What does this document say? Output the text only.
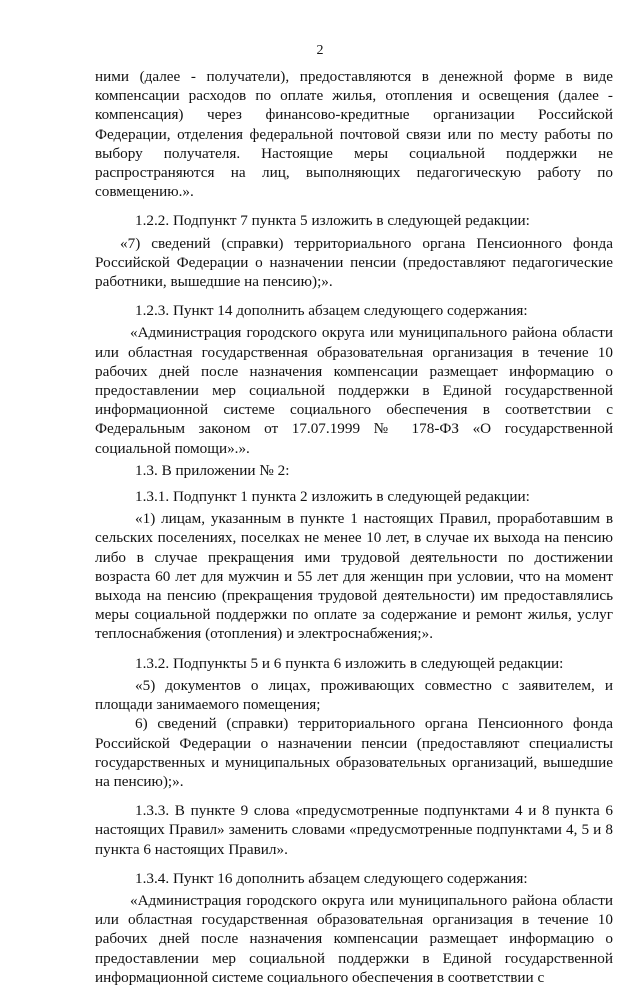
2

ними (далее - получатели), предоставляются в денежной форме в виде компенсации расходов по оплате жилья, отопления и освещения (далее - компенсация) через финансово-кредитные организации Российской Федерации, отделения федеральной почтовой связи или по месту работы по выбору получателя. Настоящие меры социальной поддержки не распространяются на лиц, выполняющих педагогическую работу по совмещению.».

1.2.2. Подпункт 7 пункта 5 изложить в следующей редакции:

«7) сведений (справки) территориального органа Пенсионного фонда Российской Федерации о назначении пенсии (предоставляют педагогические работники, вышедшие на пенсию);».

1.2.3. Пункт 14 дополнить абзацем следующего содержания:

«Администрация городского округа или муниципального района области или областная государственная образовательная организация в течение 10 рабочих дней после назначения компенсации размещает информацию о предоставлении мер социальной поддержки в Единой государственной информационной системе социального обеспечения в соответствии с Федеральным законом от 17.07.1999 № 178-ФЗ «О государственной социальной помощи».».

1.3. В приложении № 2:

1.3.1. Подпункт 1 пункта 2 изложить в следующей редакции:

«1) лицам, указанным в пункте 1 настоящих Правил, проработавшим в сельских поселениях, поселках не менее 10 лет, в случае их выхода на пенсию либо в случае прекращения ими трудовой деятельности по достижении возраста 60 лет для мужчин и 55 лет для женщин при условии, что на момент выхода на пенсию (прекращения трудовой деятельности) им предоставлялись меры социальной поддержки по оплате за содержание и ремонт жилья, услуг теплоснабжения (отопления) и электроснабжения;».

1.3.2. Подпункты 5 и 6 пункта 6 изложить в следующей редакции:

«5) документов о лицах, проживающих совместно с заявителем, и площади занимаемого помещения;

6) сведений (справки) территориального органа Пенсионного фонда Российской Федерации о назначении пенсии (предоставляют специалисты государственных и муниципальных образовательных организаций, вышедшие на пенсию);».

1.3.3. В пункте 9 слова «предусмотренные подпунктами 4 и 8 пункта 6 настоящих Правил» заменить словами «предусмотренные подпунктами 4, 5 и 8 пункта 6 настоящих Правил».

1.3.4. Пункт 16 дополнить абзацем следующего содержания:

«Администрация городского округа или муниципального района области или областная государственная образовательная организация в течение 10 рабочих дней после назначения компенсации размещает информацию о предоставлении мер социальной поддержки в Единой государственной информационной системе социального обеспечения в соответствии с
